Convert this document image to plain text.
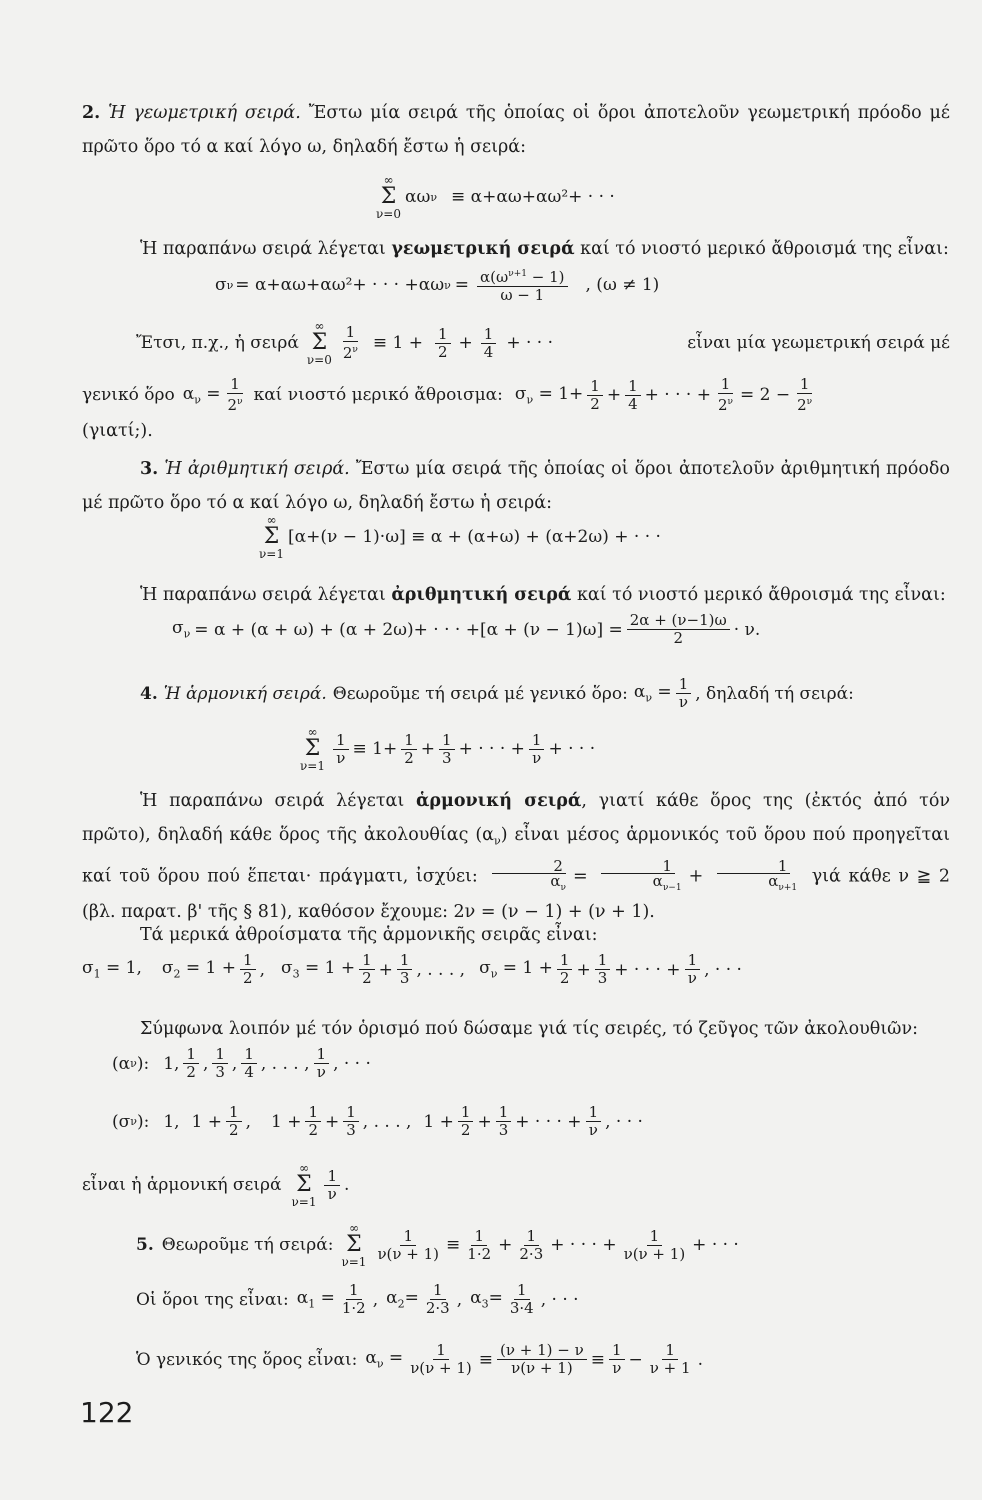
2. Ἡ γεωμετρική σειρά. Ἔστω μία σειρά τῆς ὁποίας οἱ ὅροι ἀποτελοῦν γεωμετρική πρόοδο μέ πρῶτο ὅρο τό α καί λόγο ω, δηλαδή ἔστω ἡ σειρά:
∞
Σ
ν=0
αω ν ≡ α+αω+αω²+ · · ·
Ἡ παραπάνω σειρά λέγεται γεωμετρική σειρά καί τό νιοστό μερικό ἄθροισμά της εἶναι:
σ ν = α+αω+αω²+ · · · +αω $\nu = \frac{\alpha(\omega^{\nu+1} - 1)}{\omega - 1}$ , (ω ≠ 1)
Ἔτσι, π.χ., ἡ σειρά
∞
Σ
$\nu=0 \frac{1}{2^\nu} \equiv 1 + \frac{1}{2} + \frac{1}{4}$ + · · ·	εἶναι μία γεωμετρική σειρά μέ
γενικό ὅρο $\alpha_\nu = \frac{1}{2^\nu}$ καί νιοστό μερικό ἄθροισμα: $\sigma_\nu = 1+ \frac{1}{2} + \frac{1}{4}$ + · · · + $\frac{1}{2^\nu} = 2 - \frac{1}{2^\nu}$
(γιατί;).
3. Ἡ ἀριθμητική σειρά. Ἔστω μία σειρά τῆς ὁποίας οἱ ὅροι ἀποτελοῦν ἀριθμητική πρόοδο μέ πρῶτο ὅρο τό α καί λόγο ω, δηλαδή ἔστω ἡ σειρά:
∞
Σ
ν=1
[α+(ν − 1)·ω] ≡ α + (α+ω) + (α+2ω) + · · ·
Ἡ παραπάνω σειρά λέγεται ἀριθμητική σειρά καί τό νιοστό μερικό ἄθροισμά της εἶναι:
$\sigma_\nu = \alpha + (\alpha + \omega) + (\alpha + 2\omega)+$ · · · $+[\alpha + (\nu - 1)\omega] = \frac{2\alpha + (\nu-1)\omega}{2} \cdot \nu$.
4. Ἡ ἁρμονική σειρά. Θεωροῦμε τή σειρά μέ γενικό ὅρο: $\alpha_\nu = \frac{1}{\nu}$ , δηλαδή τή σειρά:
∞
Σ
$\nu=1 \frac{1}{\nu} \equiv 1+ \frac{1}{2} + \frac{1}{3}$ + · · · + $\frac{1}{\nu}$ + · · ·
Ἡ παραπάνω σειρά λέγεται ἁρμονική σειρά, γιατί κάθε ὅρος της (ἐκτός ἀπό τόν πρῶτο), δηλαδή κάθε ὅρος τῆς ἀκολουθίας $(\alpha_\nu)$ εἶναι μέσος ἁρμονικός τοῦ ὅρου πού προηγεῖται καί τοῦ ὅρου πού ἕπεται· πράγματι, ἰσχύει: $\frac{2}{\alpha_\nu} = \frac{1}{\alpha_{\nu-1}} + \frac{1}{\alpha_{\nu+1}}$ γιά κάθε ν ≧ 2 (βλ. παρατ. β' τῆς § 81), καθόσον ἔχουμε: 2ν = (ν − 1) + (ν + 1).
Τά μερικά ἀθροίσματα τῆς ἁρμονικῆς σειρᾶς εἶναι:
$\sigma_1 = 1$, $\sigma_2 = 1 + \frac{1}{2}$ , $\sigma_3 = 1 + \frac{1}{2} + \frac{1}{3}$ , . . . , $\sigma_\nu = 1 + \frac{1}{2} + \frac{1}{3}$ + · · · + $\frac{1}{\nu}$ , · · ·
Σύμφωνα λοιπόν μέ τόν ὁρισμό πού δώσαμε γιά τίς σειρές, τό ζεῦγος τῶν ἀκολουθιῶν:
(α ν ): 1, $\frac{1}{2}$ , $\frac{1}{3}$ , $\frac{1}{4}$ , . . . , $\frac{1}{\nu}$ , · · ·
(σ ν ): 1, $1 + \frac{1}{2}$ , $1 + \frac{1}{2} + \frac{1}{3}$ , . . . , $1 + \frac{1}{2} + \frac{1}{3}$ + · · · + $\frac{1}{\nu}$ , · · ·
εἶναι ἡ ἁρμονική σειρά
∞
Σ
$\nu=1 \frac{1}{\nu}$ .
5. Θεωροῦμε τή σειρά:
∞
Σ
$\nu=1 \frac{1}{\nu(\nu + 1)} \equiv \frac{1}{1\cdot 2} + \frac{1}{2\cdot 3}$ + · · · + $\frac{1}{\nu(\nu + 1)}$ + · · ·
Οἱ ὅροι της εἶναι: $\alpha_1 = \frac{1}{1\cdot 2}$ , $\alpha_2= \frac{1}{2\cdot 3}$ , $\alpha_3= \frac{1}{3\cdot 4}$ , · · ·
Ὁ γενικός της ὅρος εἶναι: $\alpha_\nu = \frac{1}{\nu(\nu + 1)} \equiv \frac{(\nu + 1) - \nu}{\nu(\nu + 1)} \equiv \frac{1}{\nu} - \frac{1}{\nu + 1}$ .
122
